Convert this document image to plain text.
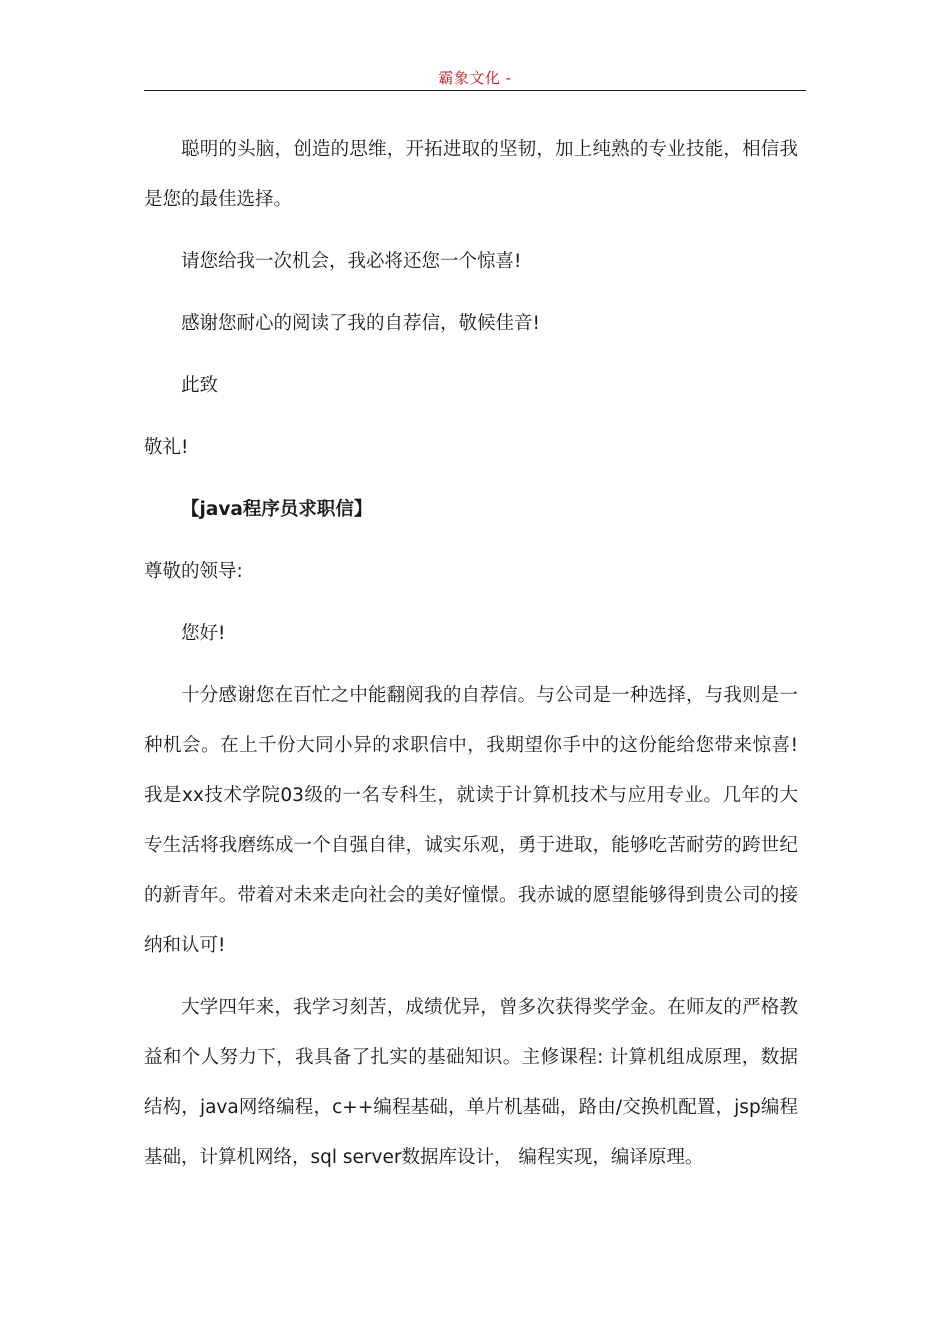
霸象文化 -

聪明的头脑，创造的思维，开拓进取的坚韧，加上纯熟的专业技能，相信我是您的最佳选择。

请您给我一次机会，我必将还您一个惊喜!

感谢您耐心的阅读了我的自荐信，敬候佳音!

此致

敬礼!

【java程序员求职信】

尊敬的领导:

您好!

十分感谢您在百忙之中能翻阅我的自荐信。与公司是一种选择，与我则是一种机会。在上千份大同小异的求职信中，我期望你手中的这份能给您带来惊喜! 我是xx技术学院03级的一名专科生，就读于计算机技术与应用专业。几年的大专生活将我磨练成一个自强自律，诚实乐观，勇于进取，能够吃苦耐劳的跨世纪的新青年。带着对未来走向社会的美好憧憬。我赤诚的愿望能够得到贵公司的接纳和认可!

大学四年来，我学习刻苦，成绩优异，曾多次获得奖学金。在师友的严格教益和个人努力下，我具备了扎实的基础知识。主修课程: 计算机组成原理，数据结构，java网络编程，c++编程基础，单片机基础，路由/交换机配置，jsp编程基础，计算机网络，sql server数据库设计， 编程实现，编译原理。
